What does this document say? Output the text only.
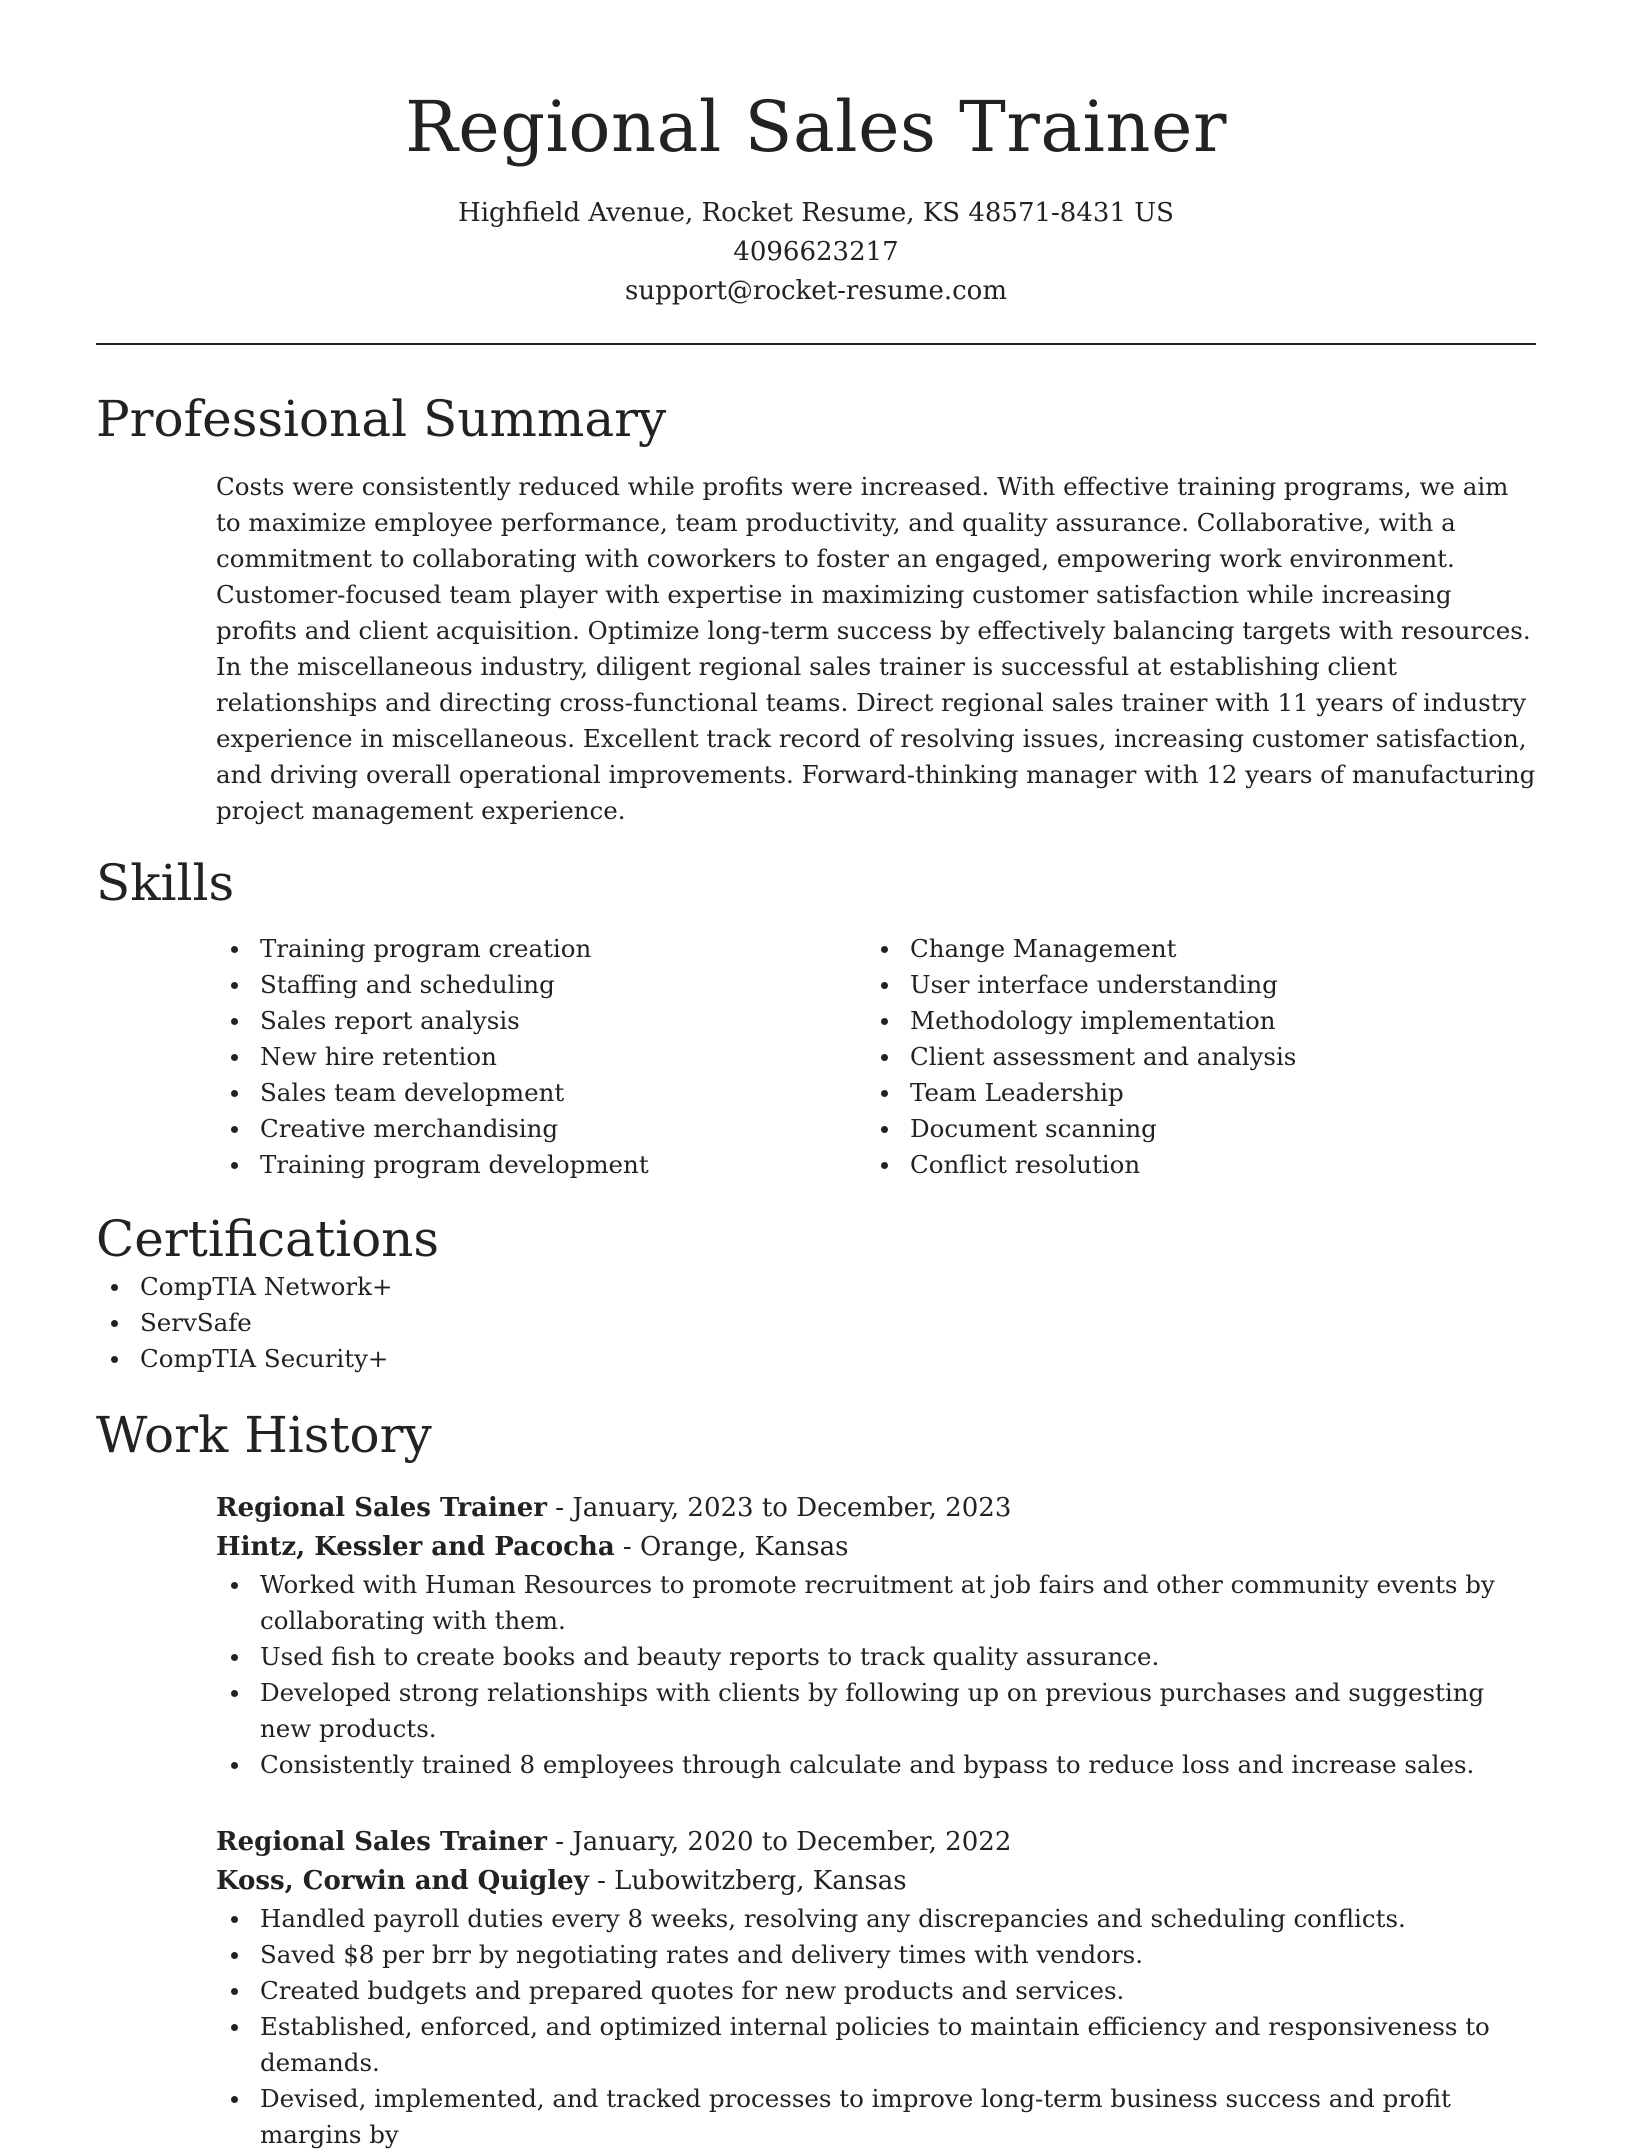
Regional Sales Trainer
Highfield Avenue, Rocket Resume, KS 48571-8431 US
4096623217
support@rocket-resume.com
Professional Summary
Costs were consistently reduced while profits were increased. With effective training programs, we aim to maximize employee performance, team productivity, and quality assurance. Collaborative, with a commitment to collaborating with coworkers to foster an engaged, empowering work environment. Customer-focused team player with expertise in maximizing customer satisfaction while increasing profits and client acquisition. Optimize long-term success by effectively balancing targets with resources. In the miscellaneous industry, diligent regional sales trainer is successful at establishing client relationships and directing cross-functional teams. Direct regional sales trainer with 11 years of industry experience in miscellaneous. Excellent track record of resolving issues, increasing customer satisfaction, and driving overall operational improvements. Forward-thinking manager with 12 years of manufacturing project management experience.
Skills
Training program creation
Staffing and scheduling
Sales report analysis
New hire retention
Sales team development
Creative merchandising
Training program development
Change Management
User interface understanding
Methodology implementation
Client assessment and analysis
Team Leadership
Document scanning
Conflict resolution
Certifications
CompTIA Network+
ServSafe
CompTIA Security+
Work History
Regional Sales Trainer - January, 2023 to December, 2023
Hintz, Kessler and Pacocha - Orange, Kansas
Worked with Human Resources to promote recruitment at job fairs and other community events by collaborating with them.
Used fish to create books and beauty reports to track quality assurance.
Developed strong relationships with clients by following up on previous purchases and suggesting new products.
Consistently trained 8 employees through calculate and bypass to reduce loss and increase sales.
Regional Sales Trainer - January, 2020 to December, 2022
Koss, Corwin and Quigley - Lubowitzberg, Kansas
Handled payroll duties every 8 weeks, resolving any discrepancies and scheduling conflicts.
Saved $8 per brr by negotiating rates and delivery times with vendors.
Created budgets and prepared quotes for new products and services.
Established, enforced, and optimized internal policies to maintain efficiency and responsiveness to demands.
Devised, implemented, and tracked processes to improve long-term business success and profit margins by
